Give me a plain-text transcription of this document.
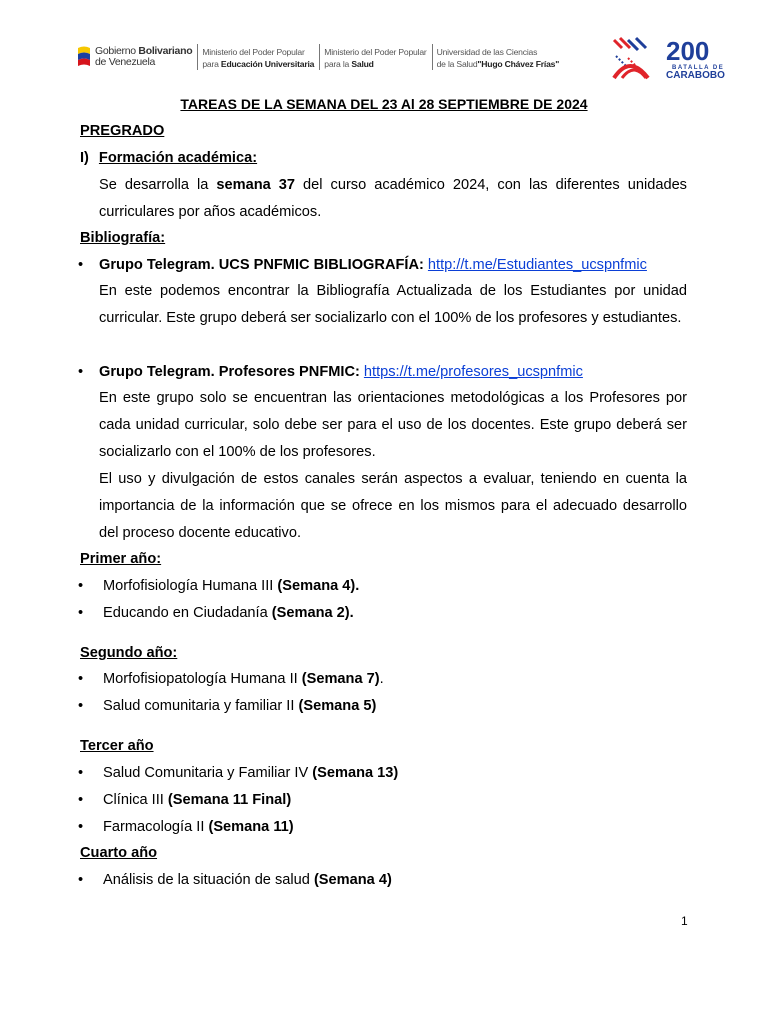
Gobierno Bolivariano
de Venezuela
Ministerio del Poder Popular
para Educación Universitaria
Ministerio del Poder Popular
para la Salud
Universidad de las Ciencias
de la Salud"Hugo Chávez Frías"	200
BATALLA DE
CARABOBO
TAREAS DE LA SEMANA DEL 23 Al 28 SEPTIEMBRE DE 2024
PREGRADO
I) Formación académica:
Se desarrolla la semana 37 del curso académico 2024, con las diferentes unidades curriculares por años académicos.
Bibliografía:
• Grupo Telegram. UCS PNFMIC BIBLIOGRAFÍA: http://t.me/Estudiantes_ucspnfmic
En este podemos encontrar la Bibliografía Actualizada de los Estudiantes por unidad curricular. Este grupo deberá ser socializarlo con el 100% de los profesores y estudiantes.
• Grupo Telegram. Profesores PNFMIC: https://t.me/profesores_ucspnfmic
En este grupo solo se encuentran las orientaciones metodológicas a los Profesores por cada unidad curricular, solo debe ser para el uso de los docentes. Este grupo deberá ser socializarlo con el 100% de los profesores.
El uso y divulgación de estos canales serán aspectos a evaluar, teniendo en cuenta la importancia de la información que se ofrece en los mismos para el adecuado desarrollo del proceso docente educativo.
Primer año:
• Morfofisiología Humana III (Semana 4).
• Educando en Ciudadanía (Semana 2).
Segundo año:
• Morfofisiopatología Humana II (Semana 7).
• Salud comunitaria y familiar II (Semana 5)
Tercer año
• Salud Comunitaria y Familiar IV (Semana 13)
• Clínica III (Semana 11 Final)
• Farmacología II (Semana 11)
Cuarto año
• Análisis de la situación de salud (Semana 4)
1
